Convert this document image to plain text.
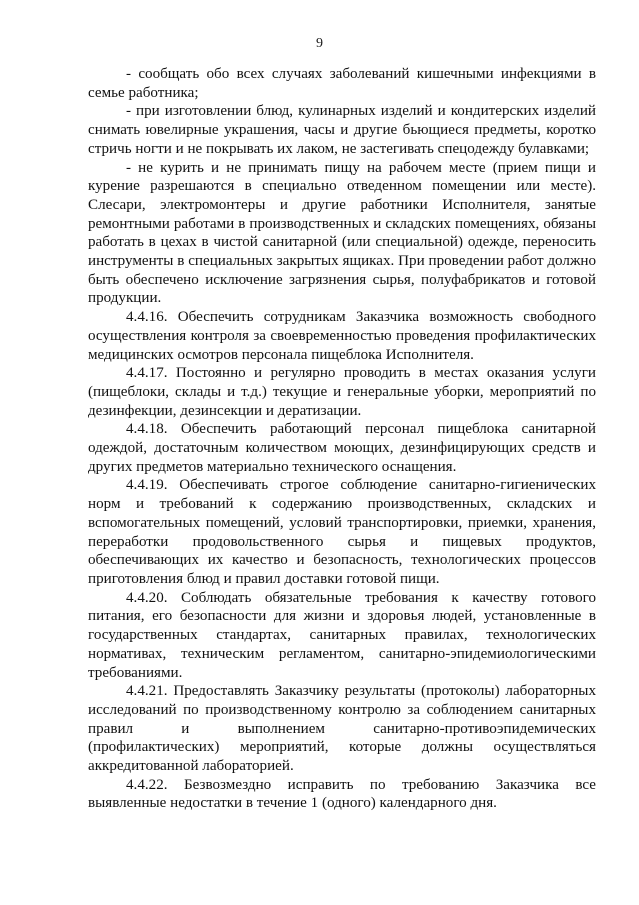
9

- сообщать обо всех случаях заболеваний кишечными инфекциями в семье работника;

- при изготовлении блюд, кулинарных изделий и кондитерских изделий снимать ювелирные украшения, часы и другие бьющиеся предметы, коротко стричь ногти и не покрывать их лаком, не застегивать спецодежду булавками;

- не курить и не принимать пищу на рабочем месте (прием пищи и курение разрешаются в специально отведенном помещении или месте). Слесари, электромонтеры и другие работники Исполнителя, занятые ремонтными работами в производственных и складских помещениях, обязаны работать в цехах в чистой санитарной (или специальной) одежде, переносить инструменты в специальных закрытых ящиках. При проведении работ должно быть обеспечено исключение загрязнения сырья, полуфабрикатов и готовой продукции.

4.4.16. Обеспечить сотрудникам Заказчика возможность свободного осуществления контроля за своевременностью проведения профилактических медицинских осмотров персонала пищеблока Исполнителя.

4.4.17. Постоянно и регулярно проводить в местах оказания услуги (пищеблоки, склады и т.д.) текущие и генеральные уборки, мероприятий по дезинфекции, дезинсекции и дератизации.

4.4.18. Обеспечить работающий персонал пищеблока санитарной одеждой, достаточным количеством моющих, дезинфицирующих средств и других предметов материально технического оснащения.

4.4.19. Обеспечивать строгое соблюдение санитарно-гигиенических норм и требований к содержанию производственных, складских и вспомогательных помещений, условий транспортировки, приемки, хранения, переработки продовольственного сырья и пищевых продуктов, обеспечивающих их качество и безопасность, технологических процессов приготовления блюд и правил доставки готовой пищи.

4.4.20. Соблюдать обязательные требования к качеству готового питания, его безопасности для жизни и здоровья людей, установленные в государственных стандартах, санитарных правилах, технологических нормативах, техническим регламентом, санитарно-эпидемиологическими требованиями.

4.4.21. Предоставлять Заказчику результаты (протоколы) лабораторных исследований по производственному контролю за соблюдением санитарных правил и выполнением санитарно-противоэпидемических (профилактических) мероприятий, которые должны осуществляться аккредитованной лабораторией.

4.4.22. Безвозмездно исправить по требованию Заказчика все выявленные недостатки в течение 1 (одного) календарного дня.
